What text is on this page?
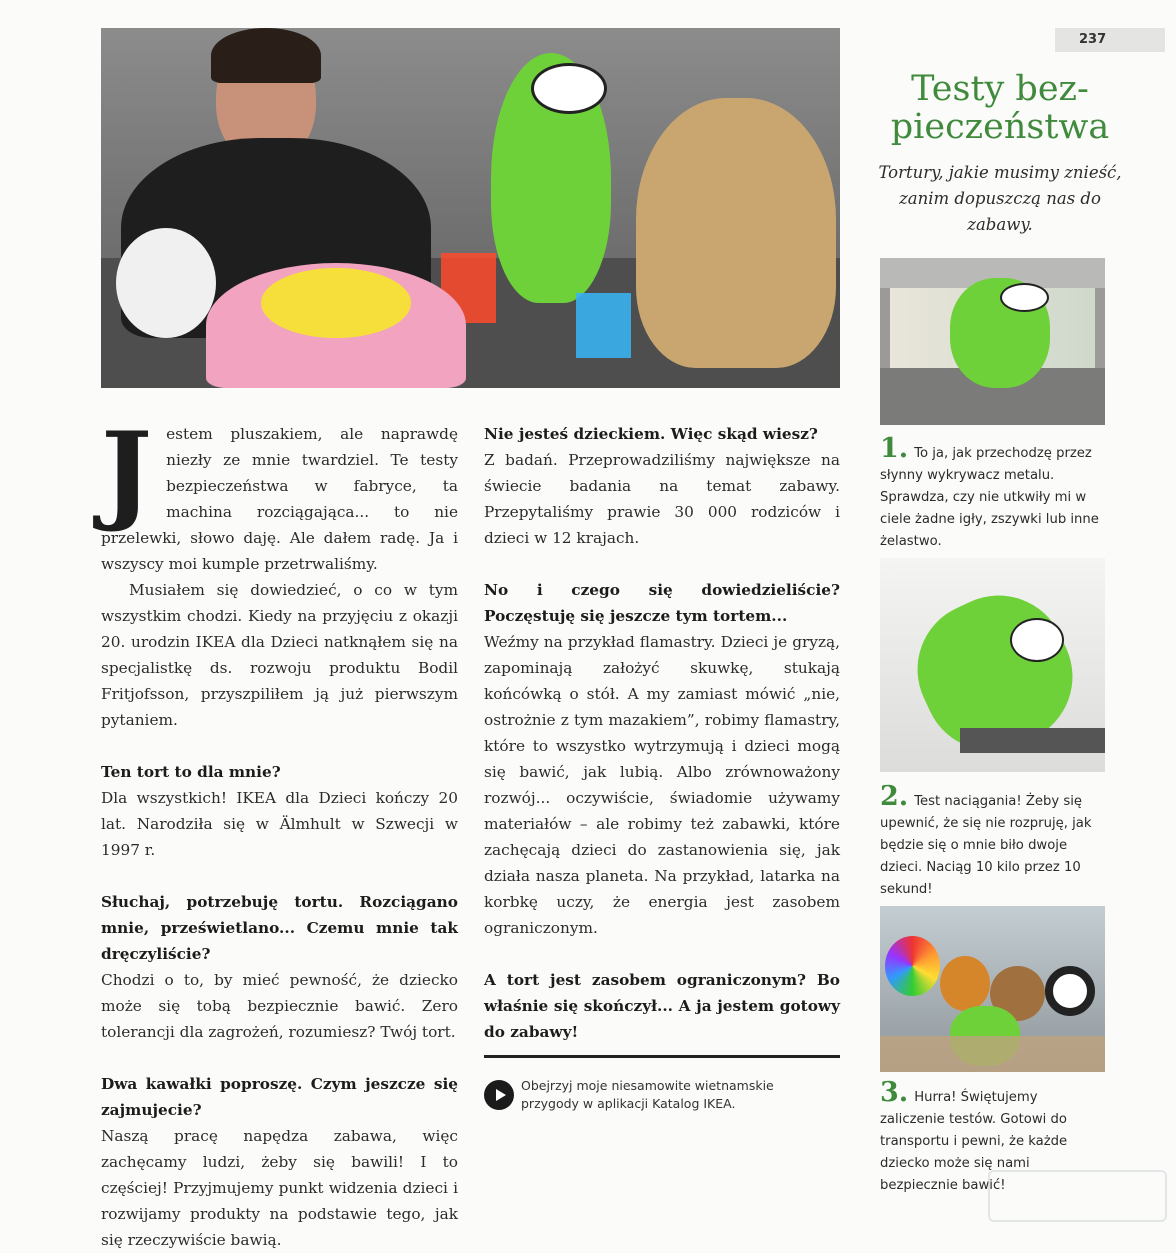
237

Jestem pluszakiem, ale naprawdę niezły ze mnie twardziel. Te testy bezpieczeństwa w fabryce, ta machina rozciągająca... to nie przelewki, słowo daję. Ale dałem radę. Ja i wszyscy moi kumple przetrwaliśmy.

Musiałem się dowiedzieć, o co w tym wszystkim chodzi. Kiedy na przyjęciu z okazji 20. urodzin IKEA dla Dzieci natknąłem się na specjalistkę ds. rozwoju produktu Bodil Fritjofsson, przyszpiliłem ją już pierwszym pytaniem.

Ten tort to dla mnie?

Dla wszystkich! IKEA dla Dzieci kończy 20 lat. Narodziła się w Älmhult w Szwecji w 1997 r.

Słuchaj, potrzebuję tortu. Rozciągano mnie, prześwietlano... Czemu mnie tak dręczyliście?

Chodzi o to, by mieć pewność, że dziecko może się tobą bezpiecznie bawić. Zero tolerancji dla zagrożeń, rozumiesz? Twój tort.

Dwa kawałki poproszę. Czym jeszcze się zajmujecie?

Naszą pracę napędza zabawa, więc zachęcamy ludzi, żeby się bawili! I to częściej! Przyjmujemy punkt widzenia dzieci i rozwijamy produkty na podstawie tego, jak się rzeczywiście bawią.

Nie jesteś dzieckiem. Więc skąd wiesz?

Z badań. Przeprowadziliśmy największe na świecie badania na temat zabawy. Przepytaliśmy prawie 30 000 rodziców i dzieci w 12 krajach.

No i czego się dowiedzieliście? Poczęstuję się jeszcze tym tortem...

Weźmy na przykład flamastry. Dzieci je gryzą, zapominają założyć skuwkę, stukają końcówką o stół. A my zamiast mówić „nie, ostrożnie z tym mazakiem”, robimy flamastry, które to wszystko wytrzymują i dzieci mogą się bawić, jak lubią. Albo zrównoważony rozwój... oczywiście, świadomie używamy materiałów – ale robimy też zabawki, które zachęcają dzieci do zastanowienia się, jak działa nasza planeta. Na przykład, latarka na korbkę uczy, że energia jest zasobem ograniczonym.

A tort jest zasobem ograniczonym? Bo właśnie się skończył... A ja jestem gotowy do zabawy!

Obejrzyj moje niesamowite wietnamskie przygody w aplikacji Katalog IKEA.
Testy bez-pieczeństwa
Tortury, jakie musimy znieść, zanim dopuszczą nas do zabawy.
1. To ja, jak przechodzę przez słynny wykrywacz metalu. Sprawdza, czy nie utkwiły mi w ciele żadne igły, zszywki lub inne żelastwo.
2. Test naciągania! Żeby się upewnić, że się nie rozpruję, jak będzie się o mnie biło dwoje dzieci. Naciąg 10 kilo przez 10 sekund!
3. Hurra! Świętujemy zaliczenie testów. Gotowi do transportu i pewni, że każde dziecko może się nami bezpiecznie bawić!
